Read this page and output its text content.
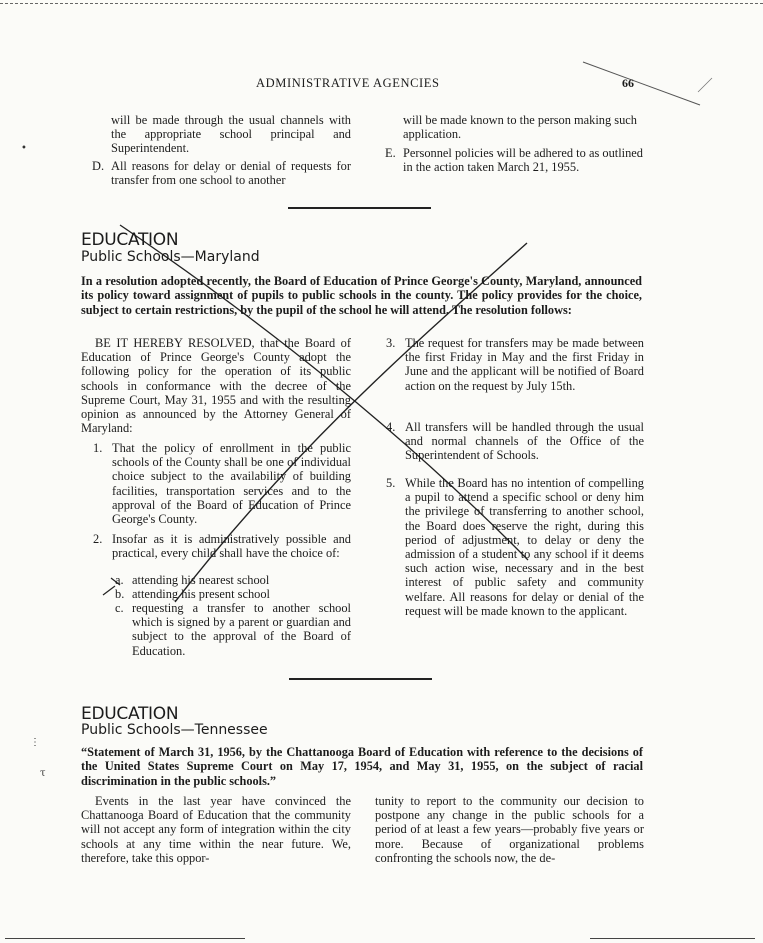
ADMINISTRATIVE AGENCIES	66
will be made through the usual channels with the appropriate school principal and Superintendent.
D. All reasons for delay or denial of requests for transfer from one school to another
will be made known to the person making such application.
E. Personnel policies will be adhered to as outlined in the action taken March 21, 1955.
EDUCATION
Public Schools—Maryland
In a resolution adopted recently, the Board of Education of Prince George's County, Maryland, announced its policy toward assignment of pupils to public schools in the county. The policy provides for the choice, subject to certain restrictions, by the pupil of the school he will attend. The resolution follows:
BE IT HEREBY RESOLVED, that the Board of Education of Prince George's County adopt the following policy for the operation of its public schools in conformance with the decree of the Supreme Court, May 31, 1955 and with the resulting opinion as announced by the Attorney General of Maryland:
1. That the policy of enrollment in the public schools of the County shall be one of individual choice subject to the availability of building facilities, transportation services and to the approval of the Board of Education of Prince George's County.
2. Insofar as it is administratively possible and practical, every child shall have the choice of:
a. attending his nearest school
b. attending his present school
c. requesting a transfer to another school which is signed by a parent or guardian and subject to the approval of the Board of Education.
3. The request for transfers may be made between the first Friday in May and the first Friday in June and the applicant will be notified of Board action on the request by July 15th.
4. All transfers will be handled through the usual and normal channels of the Office of the Superintendent of Schools.
5. While the Board has no intention of compelling a pupil to attend a specific school or deny him the privilege of transferring to another school, the Board does reserve the right, during this period of adjustment, to delay or deny the admission of a student to any school if it deems such action wise, necessary and in the best interest of public safety and community welfare. All reasons for delay or denial of the request will be made known to the applicant.
EDUCATION
Public Schools—Tennessee
“Statement of March 31, 1956, by the Chattanooga Board of Education with reference to the decisions of the United States Supreme Court on May 17, 1954, and May 31, 1955, on the subject of racial discrimination in the public schools.”
Events in the last year have convinced the Chattanooga Board of Education that the community will not accept any form of integration within the city schools at any time within the near future. We, therefore, take this oppor-
tunity to report to the community our decision to postpone any change in the public schools for a period of at least a few years—probably five years or more. Because of organizational problems confronting the schools now, the de-
•
⋮
τ
